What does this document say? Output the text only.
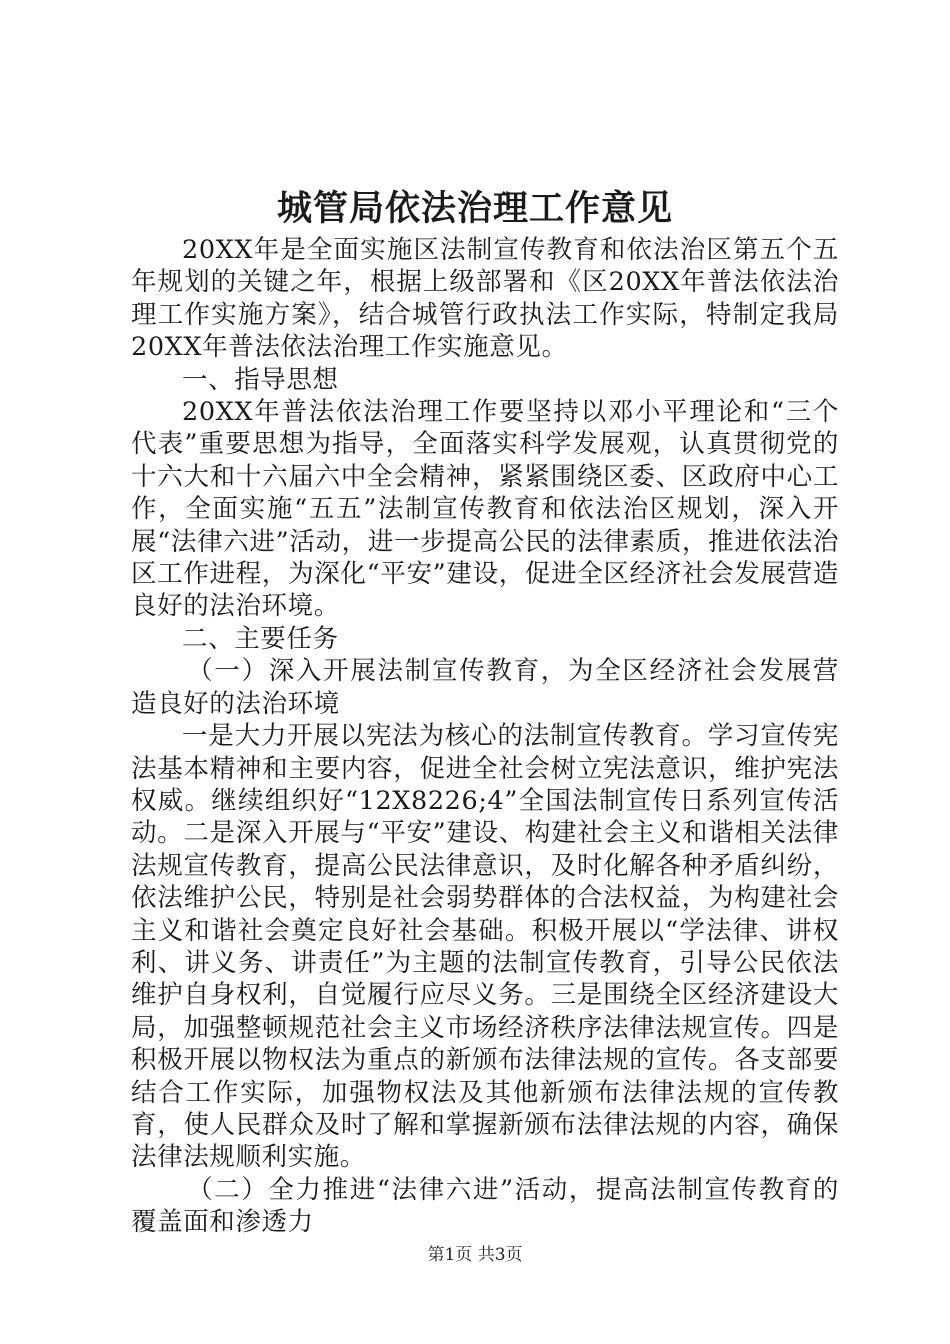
城管局依法治理工作意见

20XX年是全面实施区法制宣传教育和依法治区第五个五年规划的关键之年，根据上级部署和《区20XX年普法依法治理工作实施方案》，结合城管行政执法工作实际，特制定我局20XX年普法依法治理工作实施意见。

一、指导思想

20XX年普法依法治理工作要坚持以邓小平理论和“三个代表”重要思想为指导，全面落实科学发展观，认真贯彻党的十六大和十六届六中全会精神，紧紧围绕区委、区政府中心工作，全面实施“五五”法制宣传教育和依法治区规划，深入开展“法律六进”活动，进一步提高公民的法律素质，推进依法治区工作进程，为深化“平安”建设，促进全区经济社会发展营造良好的法治环境。

二、主要任务

（一）深入开展法制宣传教育，为全区经济社会发展营造良好的法治环境

一是大力开展以宪法为核心的法制宣传教育。学习宣传宪法基本精神和主要内容，促进全社会树立宪法意识，维护宪法权威。继续组织好“12X8226;4”全国法制宣传日系列宣传活动。二是深入开展与“平安”建设、构建社会主义和谐相关法律法规宣传教育，提高公民法律意识，及时化解各种矛盾纠纷，依法维护公民，特别是社会弱势群体的合法权益，为构建社会主义和谐社会奠定良好社会基础。积极开展以“学法律、讲权利、讲义务、讲责任”为主题的法制宣传教育，引导公民依法维护自身权利，自觉履行应尽义务。三是围绕全区经济建设大局，加强整顿规范社会主义市场经济秩序法律法规宣传。四是积极开展以物权法为重点的新颁布法律法规的宣传。各支部要结合工作实际，加强物权法及其他新颁布法律法规的宣传教育，使人民群众及时了解和掌握新颁布法律法规的内容，确保法律法规顺利实施。

（二）全力推进“法律六进”活动，提高法制宣传教育的覆盖面和渗透力

第1页 共3页
